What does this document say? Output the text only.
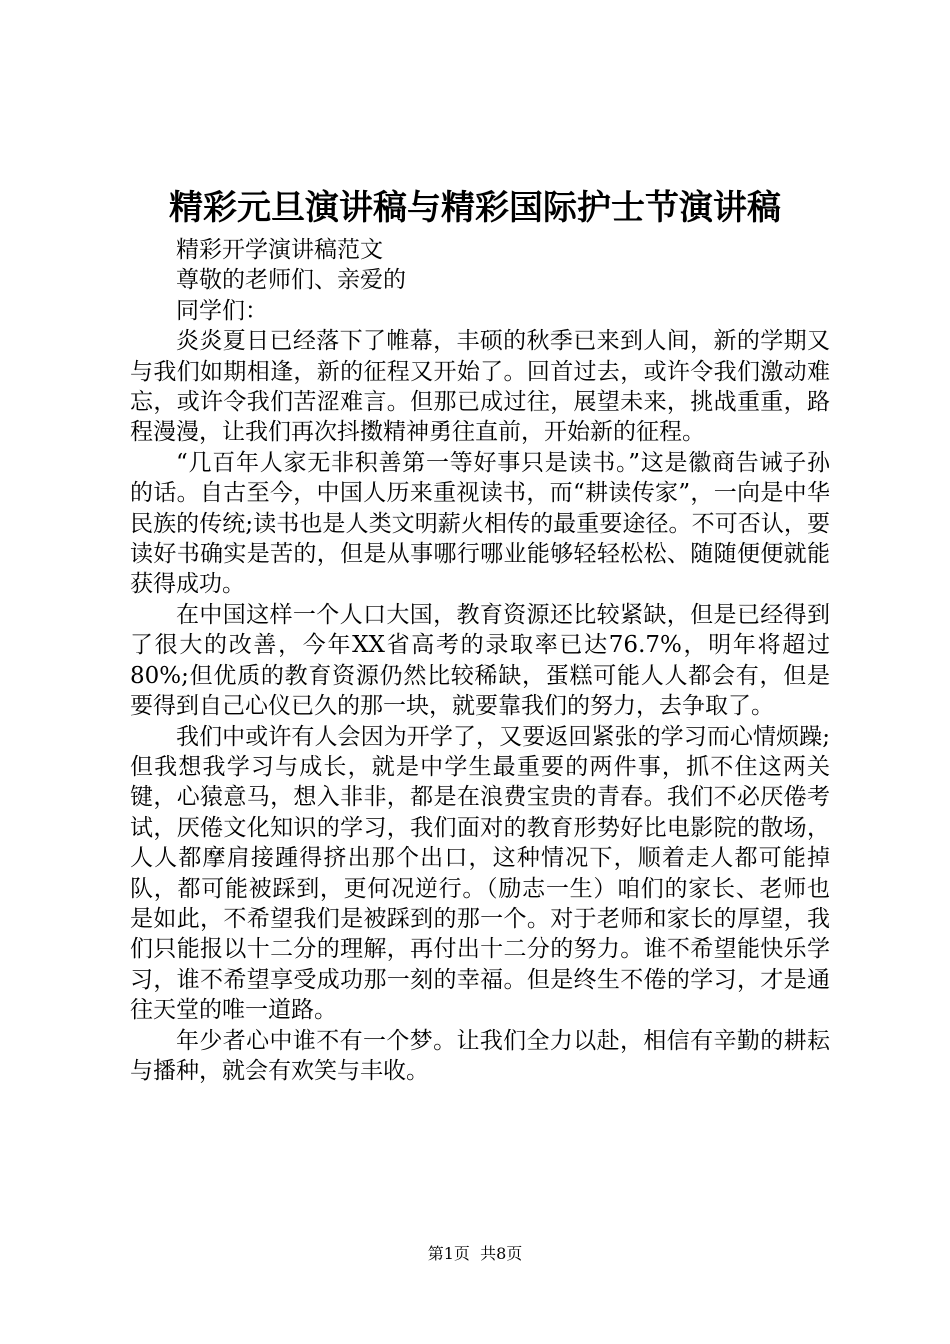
精彩元旦演讲稿与精彩国际护士节演讲稿

精彩开学演讲稿范文

尊敬的老师们、亲爱的

同学们：

炎炎夏日已经落下了帷幕，丰硕的秋季已来到人间，新的学期又与我们如期相逢，新的征程又开始了。回首过去，或许令我们激动难忘，或许令我们苦涩难言。但那已成过往，展望未来，挑战重重，路程漫漫，让我们再次抖擞精神勇往直前，开始新的征程。

“几百年人家无非积善第一等好事只是读书。”这是徽商告诫子孙的话。自古至今，中国人历来重视读书，而“耕读传家”，一向是中华民族的传统;读书也是人类文明薪火相传的最重要途径。不可否认，要读好书确实是苦的，但是从事哪行哪业能够轻轻松松、随随便便就能获得成功。

在中国这样一个人口大国，教育资源还比较紧缺，但是已经得到了很大的改善，今年XX省高考的录取率已达76.7%，明年将超过80%;但优质的教育资源仍然比较稀缺，蛋糕可能人人都会有，但是要得到自己心仪已久的那一块，就要靠我们的努力，去争取了。

我们中或许有人会因为开学了，又要返回紧张的学习而心情烦躁;但我想我学习与成长，就是中学生最重要的两件事，抓不住这两关键，心猿意马，想入非非，都是在浪费宝贵的青春。我们不必厌倦考试，厌倦文化知识的学习，我们面对的教育形势好比电影院的散场，人人都摩肩接踵得挤出那个出口，这种情况下，顺着走人都可能掉队，都可能被踩到，更何况逆行。（励志一生）咱们的家长、老师也是如此，不希望我们是被踩到的那一个。对于老师和家长的厚望，我们只能报以十二分的理解，再付出十二分的努力。谁不希望能快乐学习，谁不希望享受成功那一刻的幸福。但是终生不倦的学习，才是通往天堂的唯一道路。

年少者心中谁不有一个梦。让我们全力以赴，相信有辛勤的耕耘与播种，就会有欢笑与丰收。

第1页  共8页
